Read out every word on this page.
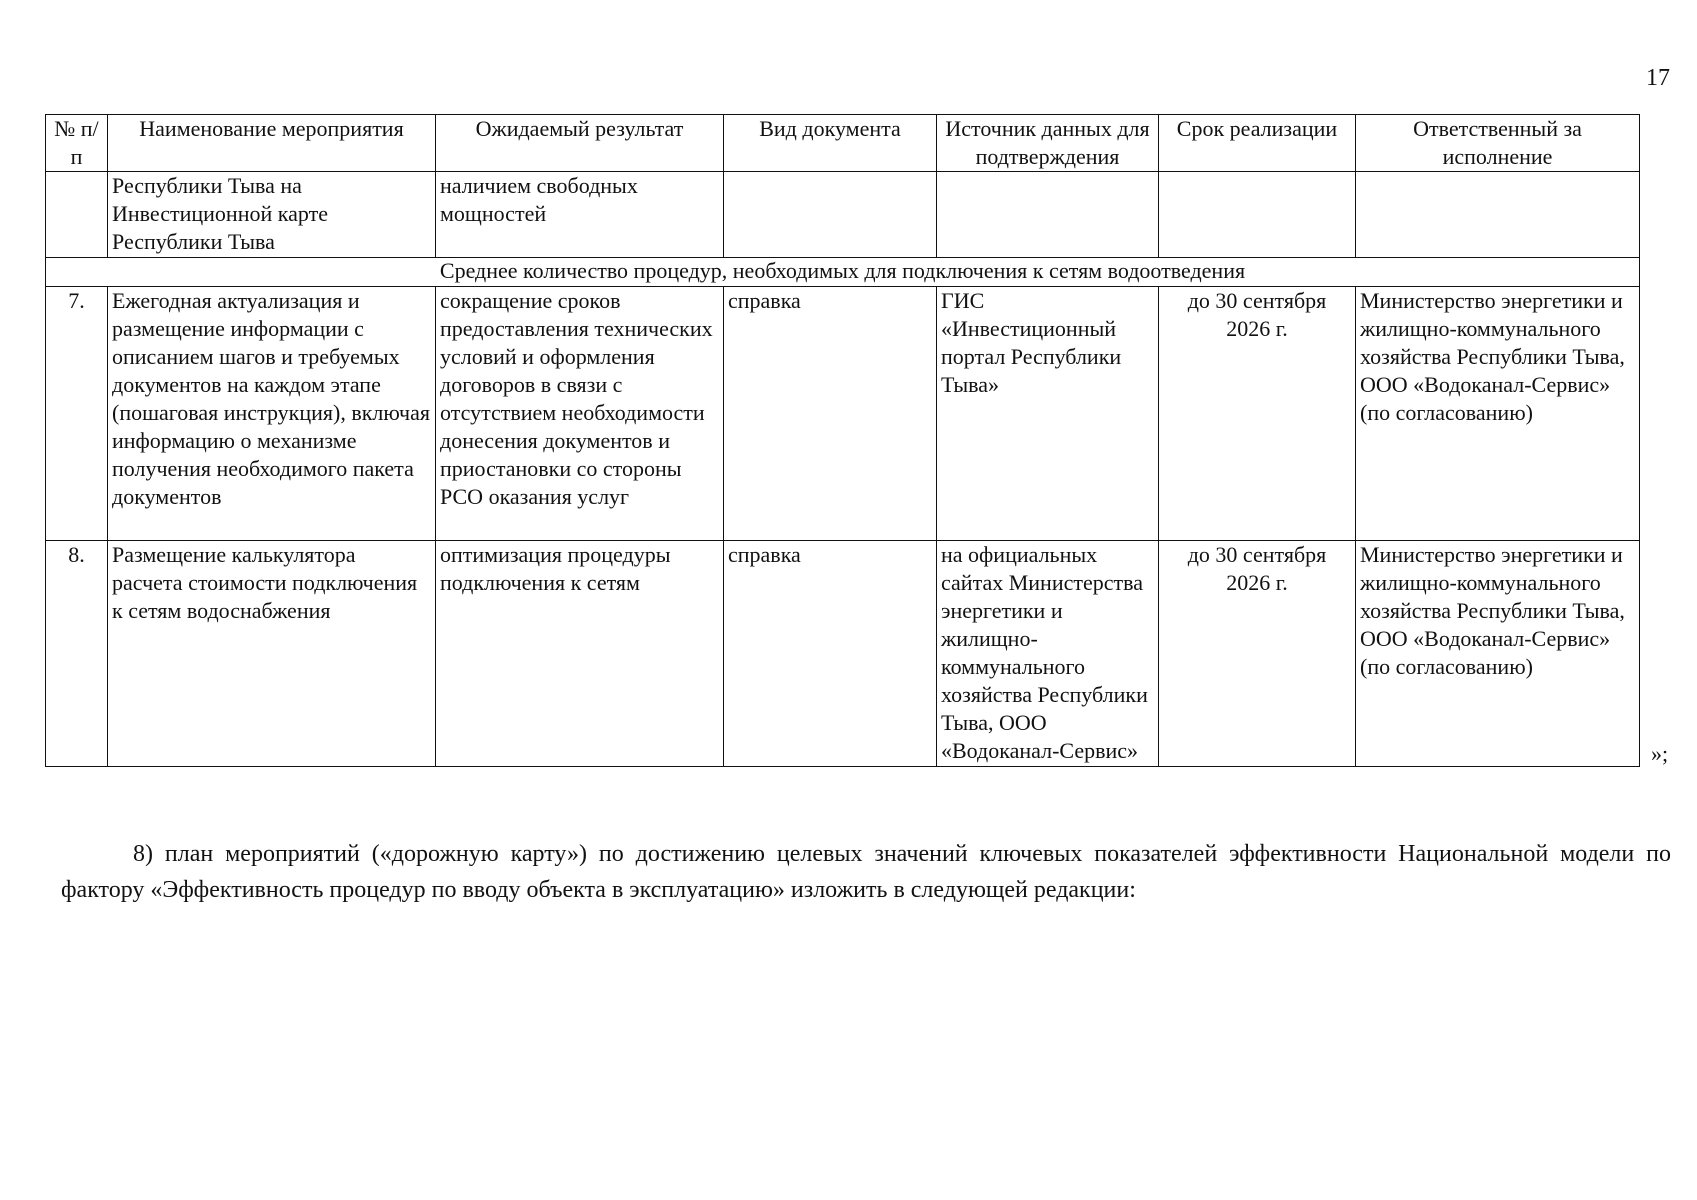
17
№ п/п	Наименование мероприятия	Ожидаемый результат	Вид документа	Источник данных для подтверждения	Срок реализации	Ответственный за исполнение
	Республики Тыва на Инвестиционной карте Республики Тыва	наличием свободных мощностей				
Среднее количество процедур, необходимых для подключения к сетям водоотведения						
7.	Ежегодная актуализация и размещение информации с описанием шагов и требуемых документов на каждом этапе (пошаговая инструкция), включая информацию о механизме получения необходимого пакета документов	сокращение сроков предоставления технических условий и оформления договоров в связи с отсутствием необходимости донесения документов и приостановки со стороны РСО оказания услуг	справка	ГИС «Инвестиционный портал Республики Тыва»	до 30 сентября 2026 г.	Министерство энергетики и жилищно-коммунального хозяйства Республики Тыва, ООО «Водоканал-Сервис» (по согласованию)
8.	Размещение калькулятора расчета стоимости подключения к сетям водоснабжения	оптимизация процедуры подключения к сетям	справка	на официальных сайтах Министерства энергетики и жилищно-коммунального хозяйства Республики Тыва, ООО «Водоканал-Сервис»	до 30 сентября 2026 г.	Министерство энергетики и жилищно-коммунального хозяйства Республики Тыва, ООО «Водоканал-Сервис» (по согласованию)
»;

8) план мероприятий («дорожную карту») по достижению целевых значений ключевых показателей эффективности Национальной модели по фактору «Эффективность процедур по вводу объекта в эксплуатацию» изложить в следующей редакции:
